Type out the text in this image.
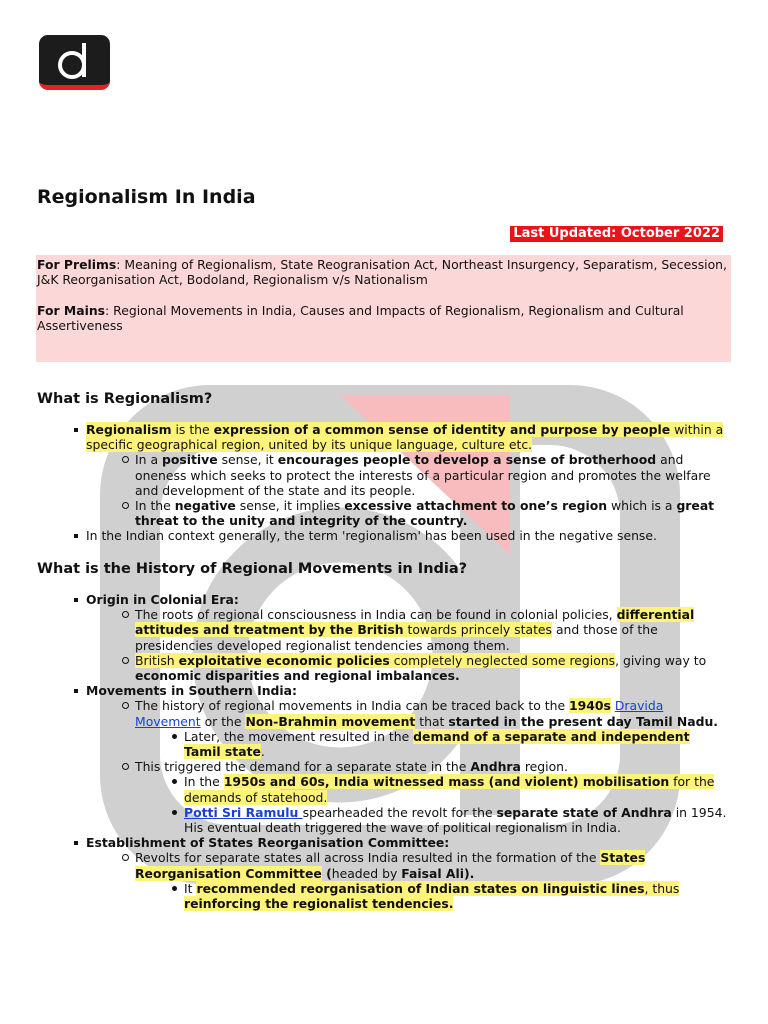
Regionalism In India
Last Updated: October 2022

For Prelims: Meaning of Regionalism, State Reogranisation Act, Northeast Insurgency, Separatism, Secession, J&K Reorganisation Act, Bodoland, Regionalism v/s Nationalism

For Mains: Regional Movements in India, Causes and Impacts of Regionalism, Regionalism and Cultural Assertiveness

What is Regionalism?
Regionalism is the expression of a common sense of identity and purpose by people within a specific geographical region, united by its unique language, culture etc.
In a positive sense, it encourages people to develop a sense of brotherhood and oneness which seeks to protect the interests of a particular region and promotes the welfare and development of the state and its people.
In the negative sense, it implies excessive attachment to one’s region which is a great threat to the unity and integrity of the country.
In the Indian context generally, the term 'regionalism' has been used in the negative sense.
What is the History of Regional Movements in India?
Origin in Colonial Era:
The roots of regional consciousness in India can be found in colonial policies, differential attitudes and treatment by the British towards princely states and those of the presidencies developed regionalist tendencies among them.
British exploitative economic policies completely neglected some regions, giving way to economic disparities and regional imbalances.
Movements in Southern India:
The history of regional movements in India can be traced back to the 1940s Dravida Movement or the Non-Brahmin movement that started in the present day Tamil Nadu.
Later, the movement resulted in the demand of a separate and independent Tamil state.
This triggered the demand for a separate state in the Andhra region.
In the 1950s and 60s, India witnessed mass (and violent) mobilisation for the demands of statehood.
Potti Sri Ramulu spearheaded the revolt for the separate state of Andhra in 1954. His eventual death triggered the wave of political regionalism in India.
Establishment of States Reorganisation Committee:
Revolts for separate states all across India resulted in the formation of the States Reorganisation Committee (headed by Faisal Ali).
It recommended reorganisation of Indian states on linguistic lines, thus reinforcing the regionalist tendencies.
